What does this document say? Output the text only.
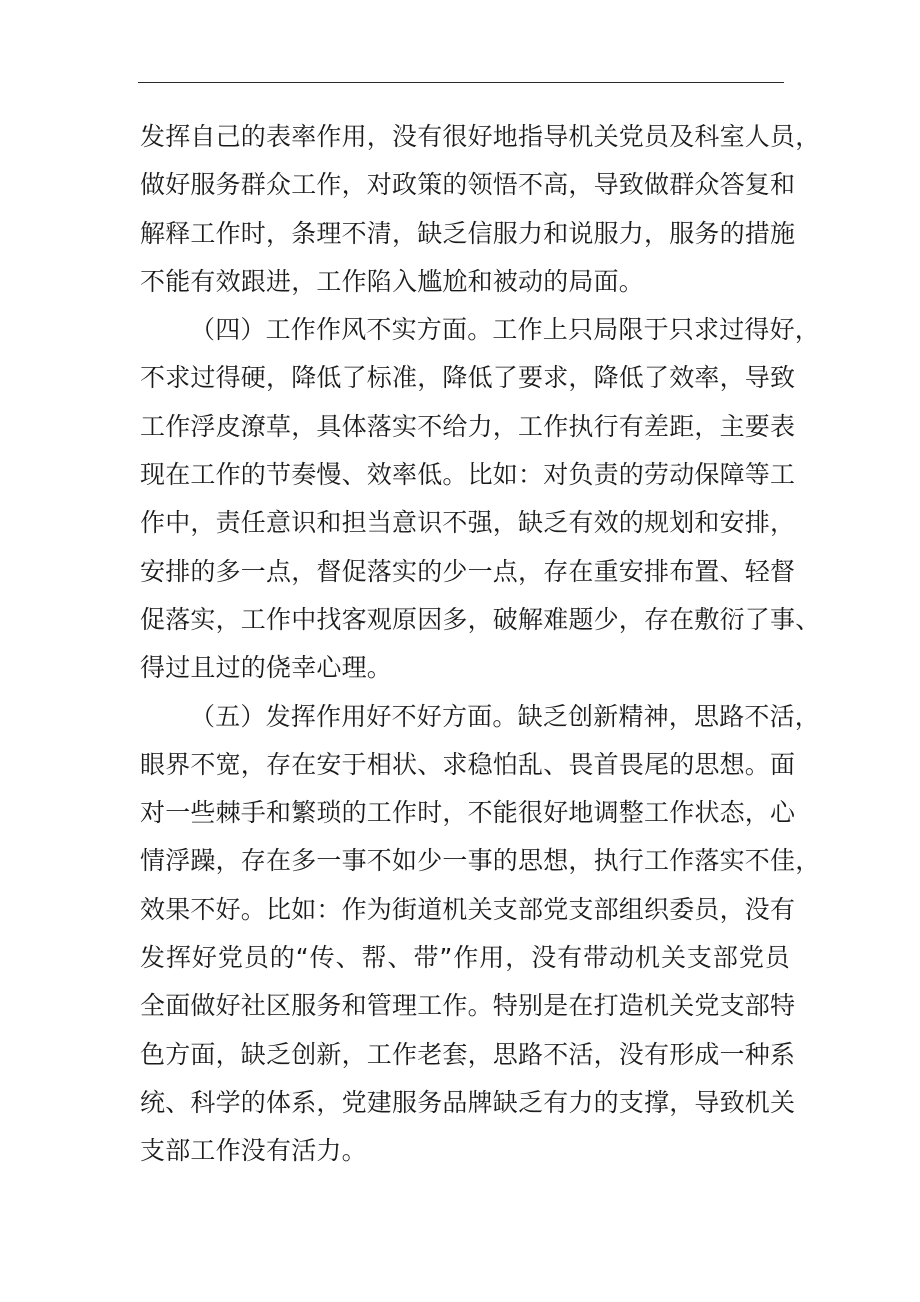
发挥自己的表率作用，没有很好地指导机关党员及科室人员，
做好服务群众工作，对政策的领悟不高，导致做群众答复和
解释工作时，条理不清，缺乏信服力和说服力，服务的措施
不能有效跟进，工作陷入尴尬和被动的局面。
（四）工作作风不实方面。工作上只局限于只求过得好，
不求过得硬，降低了标准，降低了要求，降低了效率，导致
工作浮皮潦草，具体落实不给力，工作执行有差距，主要表
现在工作的节奏慢、效率低。比如：对负责的劳动保障等工
作中，责任意识和担当意识不强，缺乏有效的规划和安排，
安排的多一点，督促落实的少一点，存在重安排布置、轻督
促落实，工作中找客观原因多，破解难题少，存在敷衍了事、
得过且过的侥幸心理。
（五）发挥作用好不好方面。缺乏创新精神，思路不活，
眼界不宽，存在安于相状、求稳怕乱、畏首畏尾的思想。面
对一些棘手和繁琐的工作时，不能很好地调整工作状态，心
情浮躁，存在多一事不如少一事的思想，执行工作落实不佳，
效果不好。比如：作为街道机关支部党支部组织委员，没有
发挥好党员的“传、帮、带”作用，没有带动机关支部党员
全面做好社区服务和管理工作。特别是在打造机关党支部特
色方面，缺乏创新，工作老套，思路不活，没有形成一种系
统、科学的体系，党建服务品牌缺乏有力的支撑，导致机关
支部工作没有活力。
